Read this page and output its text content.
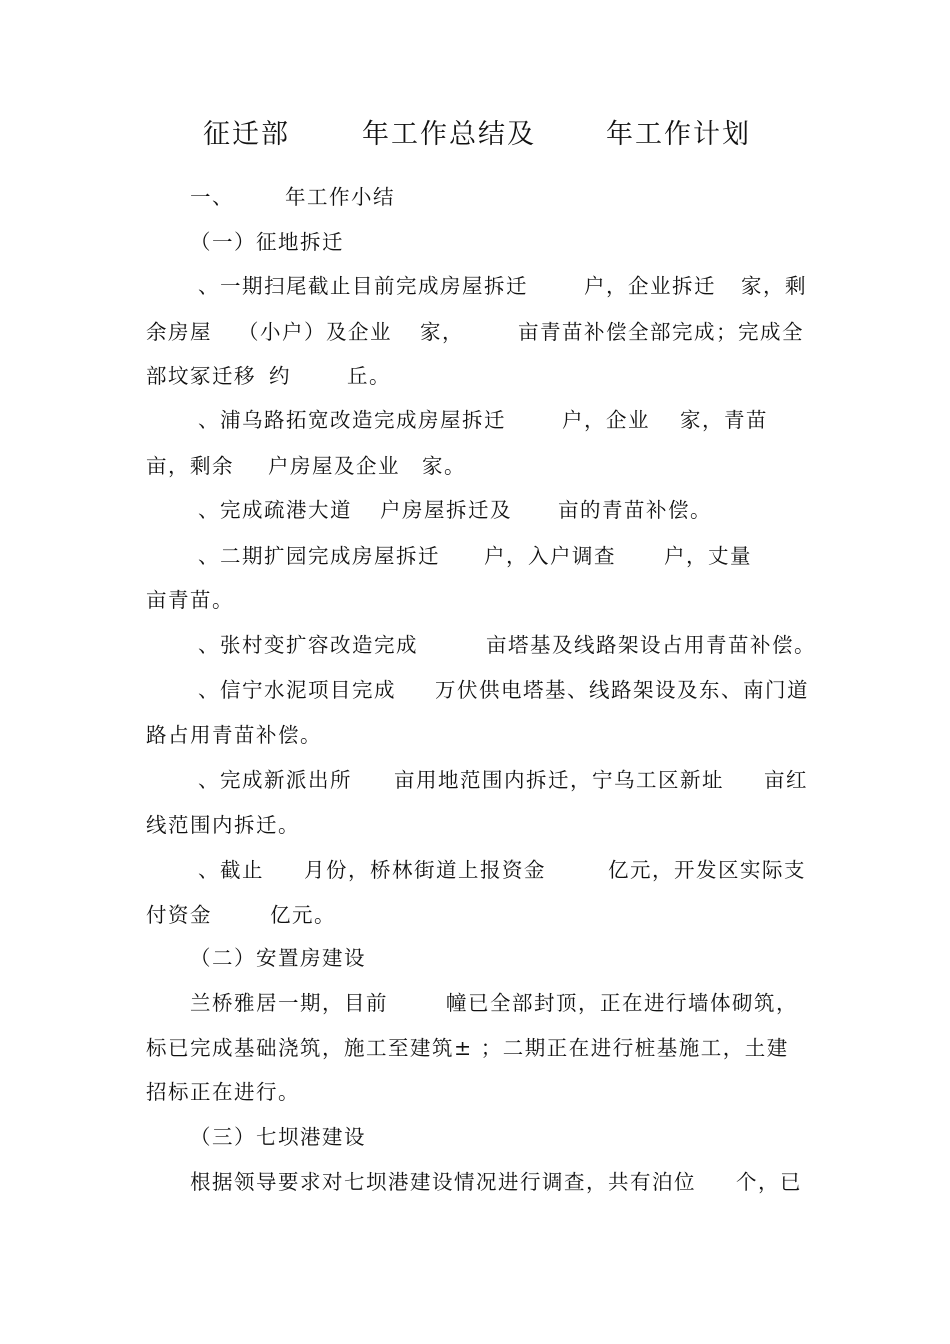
征迁部	年工作总结及	年工作计划
一、 年工作小结
（一）征地拆迁
、一期扫尾截止目前完成房屋拆迁	户，企业拆迁 家，剩
余房屋 （小户）及企业 家，	亩青苗补偿全部完成；完成全
部坟冢迁移 约	丘。
、浦乌路拓宽改造完成房屋拆迁	户，企业 家，青苗
亩，剩余 户房屋及企业 家。
、完成疏港大道 户房屋拆迁及 亩的青苗补偿。
、二期扩园完成房屋拆迁 户，入户调查 户，丈量
亩青苗。
、张村变扩容改造完成	亩塔基及线路架设占用青苗补偿。
、信宁水泥项目完成 万伏供电塔基、线路架设及东、南门道
路占用青苗补偿。
、完成新派出所 亩用地范围内拆迁，宁乌工区新址 亩红
线范围内拆迁。
、截止 月份，桥林街道上报资金	亿元，开发区实际支
付资金	亿元。
（二）安置房建设
兰桥雅居一期，目前	幢已全部封顶，正在进行墙体砌筑，
标已完成基础浇筑，施工至建筑± ；二期正在进行桩基施工，土建
招标正在进行。
（三）七坝港建设
根据领导要求对七坝港建设情况进行调查，共有泊位 个，已
